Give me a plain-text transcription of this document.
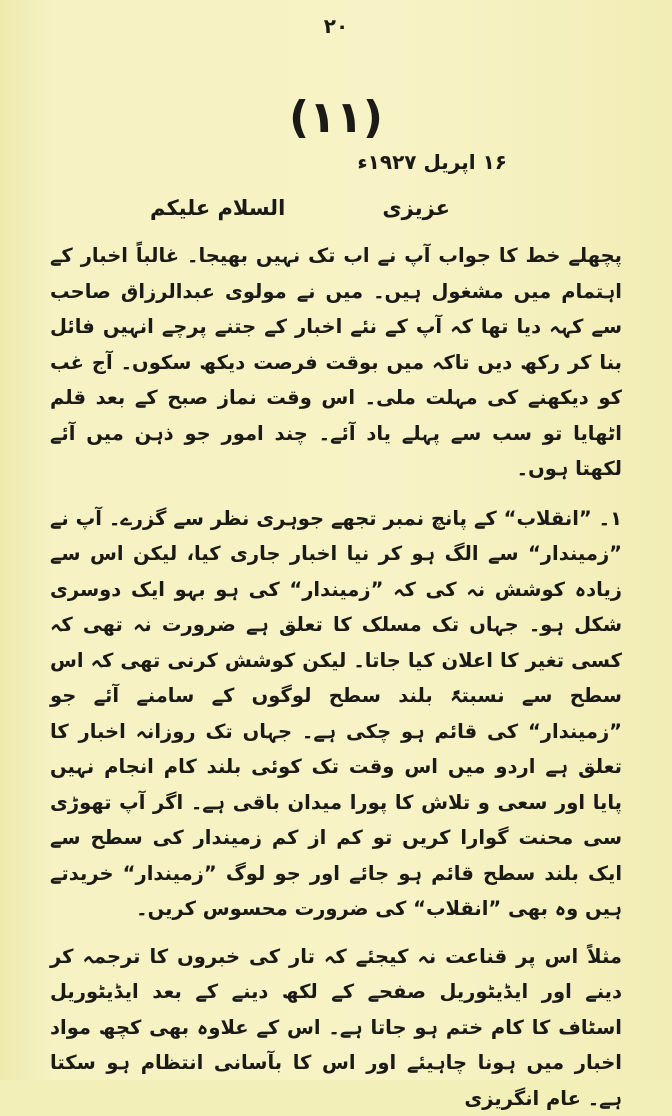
۲۰
(۱۱)
۱۶ اپریل ۱۹۲۷ء
عزیزی
السلام علیکم

پچھلے خط کا جواب آپ نے اب تک نہیں بھیجا۔ غالباً اخبار کے اہتمام میں مشغول ہیں۔ میں نے مولوی عبدالرزاق صاحب سے کہہ دیا تھا کہ آپ کے نئے اخبار کے جتنے پرچے انہیں فائل بنا کر رکھ دیں تاکہ میں بوقت فرصت دیکھ سکوں۔ آج غب کو دیکھنے کی مہلت ملی۔ اس وقت نماز صبح کے بعد قلم اٹھایا تو سب سے پہلے یاد آئے۔ چند امور جو ذہن میں آئے لکھتا ہوں۔

۱۔ ”انقلاب“ کے پانچ نمبر تجھے جوہری نظر سے گزرے۔ آپ نے ”زمیندار“ سے الگ ہو کر نیا اخبار جاری کیا، لیکن اس سے زیادہ کوشش نہ کی کہ ”زمیندار“ کی ہو بہو ایک دوسری شکل ہو۔ جہاں تک مسلک کا تعلق ہے ضرورت نہ تھی کہ کسی تغیر کا اعلان کیا جاتا۔ لیکن کوشش کرنی تھی کہ اس سطح سے نسبتہً بلند سطح لوگوں کے سامنے آئے جو ”زمیندار“ کی قائم ہو چکی ہے۔ جہاں تک روزانہ اخبار کا تعلق ہے اردو میں اس وقت تک کوئی بلند کام انجام نہیں پایا اور سعی و تلاش کا پورا میدان باقی ہے۔ اگر آپ تھوڑی سی محنت گوارا کریں تو کم از کم زمیندار کی سطح سے ایک بلند سطح قائم ہو جائے اور جو لوگ ”زمیندار“ خریدتے ہیں وہ بھی ”انقلاب“ کی ضرورت محسوس کریں۔

مثلاً اس پر قناعت نہ کیجئے کہ تار کی خبروں کا ترجمہ کر دینے اور ایڈیٹوریل صفحے کے لکھ دینے کے بعد ایڈیٹوریل اسٹاف کا کام ختم ہو جاتا ہے۔ اس کے علاوہ بھی کچھ مواد اخبار میں ہونا چاہیئے اور اس کا بآسانی انتظام ہو سکتا ہے۔ عام انگریزی
